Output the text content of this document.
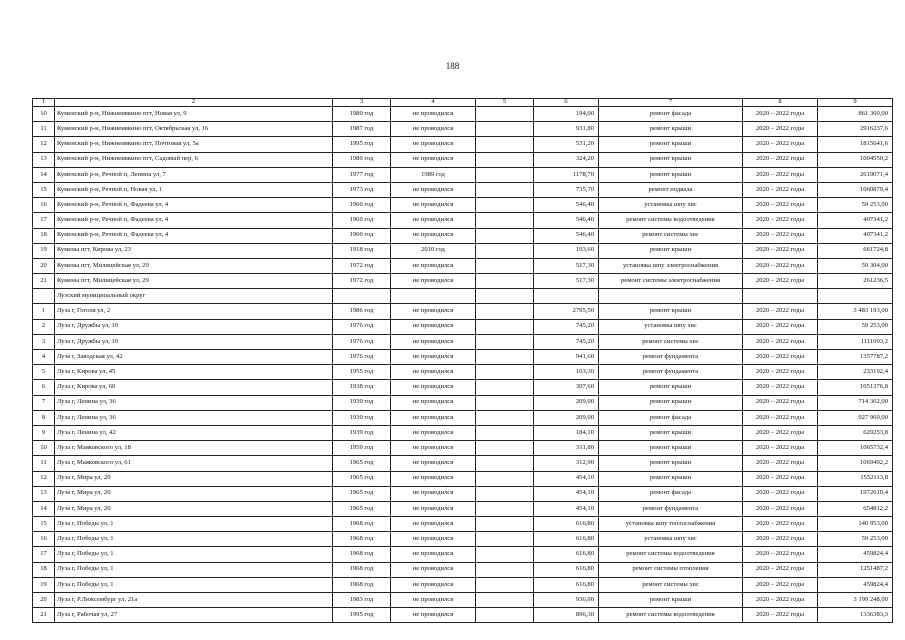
188
1	2	3	4	5	6	7	8	9
10	Куменский р-н, Нижнеивкино пгт, Новая ул, 9	1980 год	не проводился		194,00	ремонт фасада	2020 – 2022 годы	861 360,00
11	Куменский р-н, Нижнеивкино пгт, Октябрьская ул, 16	1987 год	не проводился		931,80	ремонт крыши	2020 – 2022 годы	2916237,6
12	Куменский р-н, Нижнеивкино пгт, Почтовая ул, 5а	1995 год	не проводился		531,20	ремонт крыши	2020 – 2022 годы	1815641,6
13	Куменский р-н, Нижнеивкино пгт, Садовый пер, 6	1980 год	не проводился		324,20	ремонт крыши	2020 – 2022 годы	1004550,2
14	Куменский р-н, Речной п, Ленина ул, 7	1977 год	1989 год		1178,70	ремонт крыши	2020 – 2022 годы	2619071,4
15	Куменский р-н, Речной п, Новая ул, 1	1973 год	не проводился		735,70	ремонт подвала	2020 – 2022 годы	1060879,4
16	Куменский р-н, Речной п, Фадеева ул, 4	1960 год	не проводился		546,40	установка шпу хвс	2020 – 2022 годы	59 253,00
17	Куменский р-н, Речной п, Фадеева ул, 4	1960 год	не проводился		546,40	ремонт системы водоотведения	2020 – 2022 годы	407341,2
18	Куменский р-н, Речной п, Фадеева ул, 4	1960 год	не проводился		546,40	ремонт системы хвс	2020 – 2022 годы	407341,2
19	Кумены пгт, Кирова ул, 23	1918 год	2010 год		193,60	ремонт крыши	2020 – 2022 годы	661724,8
20	Кумены пгт, Милицейская ул, 29	1972 год	не проводился		517,30	установка шпу электроснабжения	2020 – 2022 годы	59 304,00
21	Кумены пгт, Милицейская ул, 29	1972 год	не проводился		517,30	ремонт системы электроснабжения	2020 – 2022 годы	261236,5
	Лузский муниципальный округ							
1	Луза г, Гоголя ул, 2	1986 год	не проводился		2795,50	ремонт крыши	2020 – 2022 годы	3 483 193,00
2	Луза г, Дружбы ул, 10	1976 год	не проводился		745,20	установка шпу хвс	2020 – 2022 годы	59 253,00
3	Луза г, Дружбы ул, 10	1976 год	не проводился		745,20	ремонт системы хвс	2020 – 2022 годы	1111093,2
4	Луза г, Заводская ул, 42	1976 год	не проводился		941,60	ремонт фундамента	2020 – 2022 годы	1357787,2
5	Луза г, Кирова ул, 45	1955 год	не проводился		163,30	ремонт фундамента	2020 – 2022 годы	233192,4
6	Луза г, Кирова ул, 60	1938 год	не проводился		307,60	ремонт крыши	2020 – 2022 годы	1051376,8
7	Луза г, Ленина ул, 36	1930 год	не проводился		209,00	ремонт крыши	2020 – 2022 годы	714 362,00
8	Луза г, Ленина ул, 36	1930 год	не проводился		209,00	ремонт фасада	2020 – 2022 годы	927 960,00
9	Луза г, Ленина ул, 42	1939 год	не проводился		184,10	ремонт крыши	2020 – 2022 годы	629253,8
10	Луза г, Маяковского ул, 18	1959 год	не проводился		311,80	ремонт крыши	2020 – 2022 годы	1065732,4
11	Луза г, Маяковского ул, 61	1965 год	не проводился		312,90	ремонт крыши	2020 – 2022 годы	1069492,2
12	Луза г, Мира ул, 20	1965 год	не проводился		454,10	ремонт крыши	2020 – 2022 годы	1552113,8
13	Луза г, Мира ул, 20	1965 год	не проводился		454,10	ремонт фасада	2020 – 2022 годы	1972610,4
14	Луза г, Мира ул, 20	1965 год	не проводился		454,10	ремонт фундамента	2020 – 2022 годы	654812,2
15	Луза г, Победы ул, 1	1968 год	не проводился		616,80	установка шпу теплоснабжения	2020 – 2022 годы	140 953,00
16	Луза г, Победы ул, 1	1968 год	не проводился		616,80	установка шпу хвс	2020 – 2022 годы	59 253,00
17	Луза г, Победы ул, 1	1968 год	не проводился		616,80	ремонт системы водоотведения	2020 – 2022 годы	459824,4
18	Луза г, Победы ул, 1	1968 год	не проводился		616,80	ремонт системы отопления	2020 – 2022 годы	1251487,2
19	Луза г, Победы ул, 1	1968 год	не проводился		616,80	ремонт системы хвс	2020 – 2022 годы	459824,4
20	Луза г, Р.Люксембург ул, 21а	1983 год	не проводился		936,00	ремонт крыши	2020 – 2022 годы	3 199 248,00
21	Луза г, Рабочая ул, 27	1995 год	не проводился		896,30	ремонт системы водоотведения	2020 – 2022 годы	1336383,3
